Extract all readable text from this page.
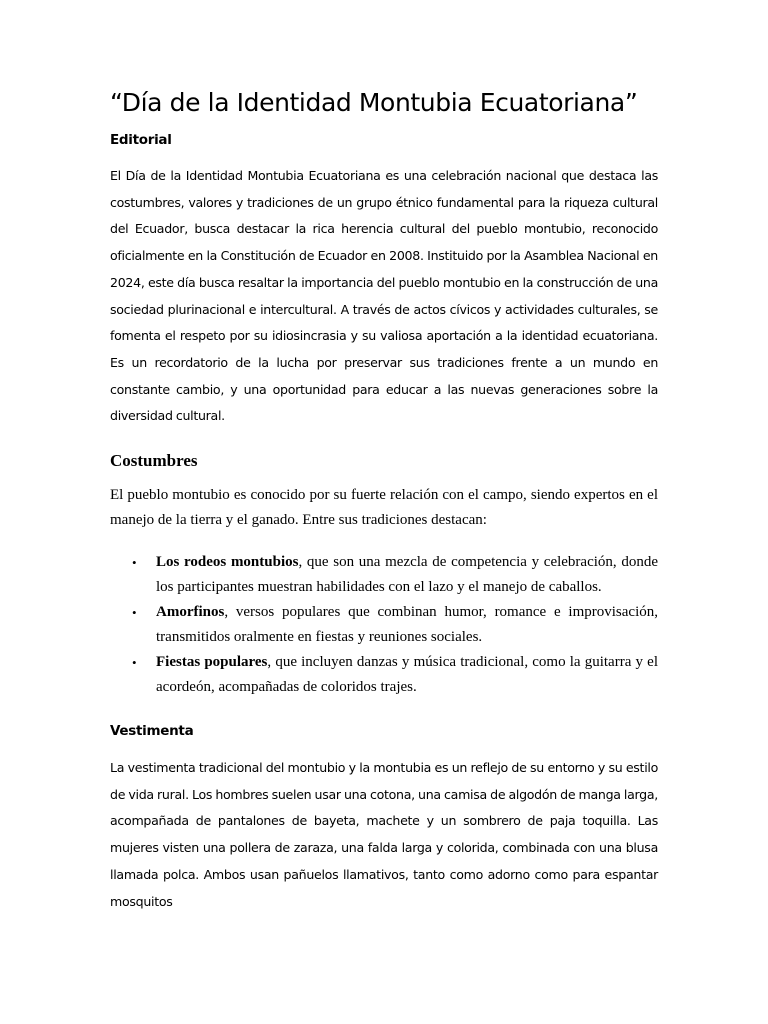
“Día de la Identidad Montubia Ecuatoriana”
Editorial

El Día de la Identidad Montubia Ecuatoriana es una celebración nacional que destaca las costumbres, valores y tradiciones de un grupo étnico fundamental para la riqueza cultural del Ecuador, busca destacar la rica herencia cultural del pueblo montubio, reconocido oficialmente en la Constitución de Ecuador en 2008. Instituido por la Asamblea Nacional en 2024, este día busca resaltar la importancia del pueblo montubio en la construcción de una sociedad plurinacional e intercultural. A través de actos cívicos y actividades culturales, se fomenta el respeto por su idiosincrasia y su valiosa aportación a la identidad ecuatoriana. Es un recordatorio de la lucha por preservar sus tradiciones frente a un mundo en constante cambio, y una oportunidad para educar a las nuevas generaciones sobre la diversidad cultural.

Costumbres

El pueblo montubio es conocido por su fuerte relación con el campo, siendo expertos en el manejo de la tierra y el ganado. Entre sus tradiciones destacan:

• Los rodeos montubios, que son una mezcla de competencia y celebración, donde los participantes muestran habilidades con el lazo y el manejo de caballos.
• Amorfinos, versos populares que combinan humor, romance e improvisación, transmitidos oralmente en fiestas y reuniones sociales.
• Fiestas populares, que incluyen danzas y música tradicional, como la guitarra y el acordeón, acompañadas de coloridos trajes.
Vestimenta

La vestimenta tradicional del montubio y la montubia es un reflejo de su entorno y su estilo de vida rural. Los hombres suelen usar una cotona, una camisa de algodón de manga larga, acompañada de pantalones de bayeta, machete y un sombrero de paja toquilla. Las mujeres visten una pollera de zaraza, una falda larga y colorida, combinada con una blusa llamada polca. Ambos usan pañuelos llamativos, tanto como adorno como para espantar mosquitos
